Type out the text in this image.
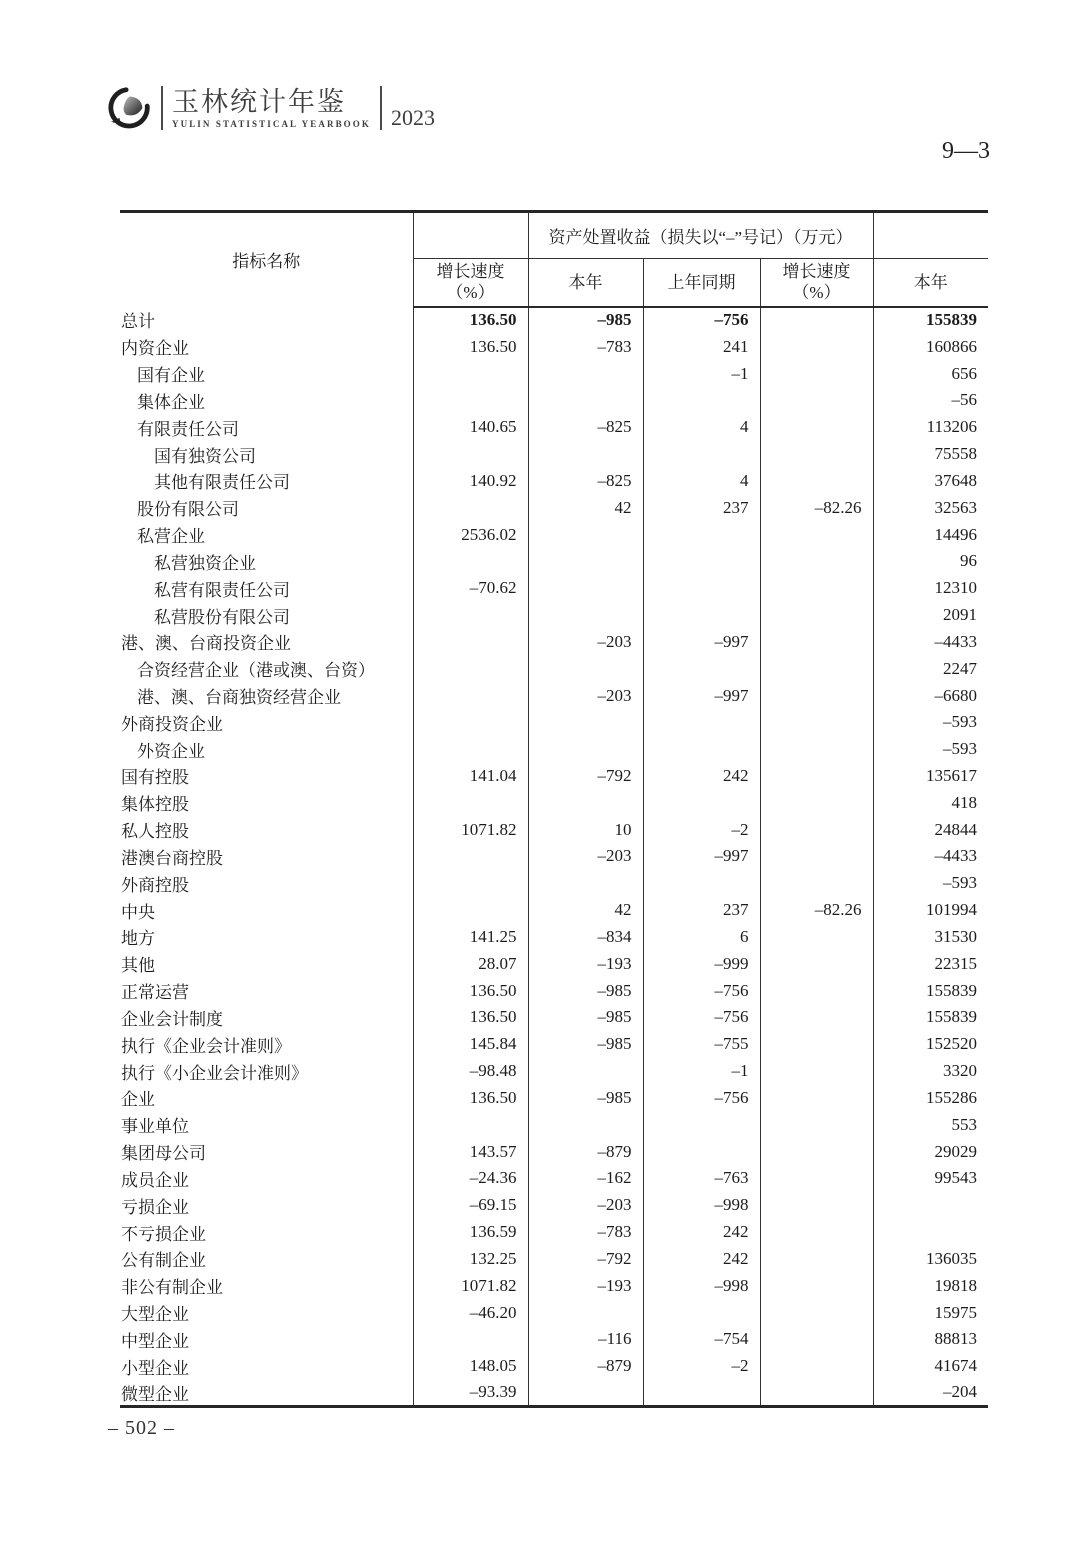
玉林统计年鉴
YULIN STATISTICAL YEARBOOK 2023
9—3
指标名称		资产处置收益（损失以“–”号记）（万元）			

增长速度
（%）
	本年	上年同期	
增长速度
（%）
	本年
总计	136.50	–985	–756		155839
内资企业	136.50	–783	241		160866
国有企业			–1		656
集体企业					–56
有限责任公司	140.65	–825	4		113206
国有独资公司					75558
其他有限责任公司	140.92	–825	4		37648
股份有限公司		42	237	–82.26	32563
私营企业	2536.02				14496
私营独资企业					96
私营有限责任公司	–70.62				12310
私营股份有限公司					2091
港、澳、台商投资企业		–203	–997		–4433
合资经营企业（港或澳、台资）					2247
港、澳、台商独资经营企业		–203	–997		–6680
外商投资企业					–593
外资企业					–593
国有控股	141.04	–792	242		135617
集体控股					418
私人控股	1071.82	10	–2		24844
港澳台商控股		–203	–997		–4433
外商控股					–593
中央		42	237	–82.26	101994
地方	141.25	–834	6		31530
其他	28.07	–193	–999		22315
正常运营	136.50	–985	–756		155839
企业会计制度	136.50	–985	–756		155839
执行《企业会计准则》	145.84	–985	–755		152520
执行《小企业会计准则》	–98.48		–1		3320
企业	136.50	–985	–756		155286
事业单位					553
集团母公司	143.57	–879			29029
成员企业	–24.36	–162	–763		99543
亏损企业	–69.15	–203	–998		
不亏损企业	136.59	–783	242		
公有制企业	132.25	–792	242		136035
非公有制企业	1071.82	–193	–998		19818
大型企业	–46.20				15975
中型企业		–116	–754		88813
小型企业	148.05	–879	–2		41674
微型企业	–93.39				–204
– 502 –
